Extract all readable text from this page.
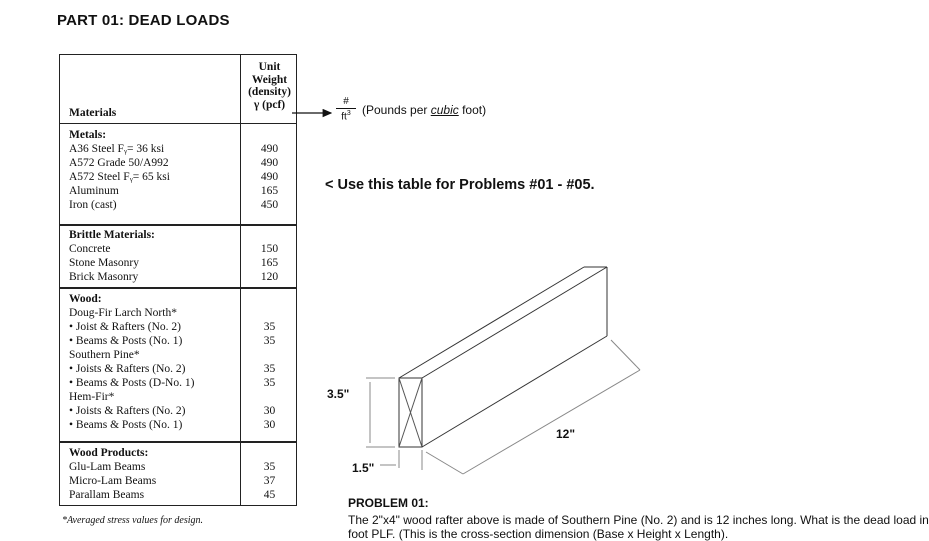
PART 01: DEAD LOADS
Materials
Unit
Weight
(density)
γ (pcf)
Metals:
A36 Steel Fᵧ= 36 ksi	490
A572 Grade 50/A992	490
A572 Steel Fᵧ= 65 ksi	490
Aluminum	165
Iron (cast)	450
Brittle Materials:
Concrete	150
Stone Masonry	165
Brick Masonry	120
Wood:
Doug-Fir Larch North*
• Joist & Rafters (No. 2)	35
• Beams & Posts (No. 1)	35
Southern Pine*
• Joists & Rafters (No. 2)	35
• Beams & Posts (D-No. 1)	35
Hem-Fir*
• Joists & Rafters (No. 2)	30
• Beams & Posts (No. 1)	30
Wood Products:
Glu-Lam Beams	35
Micro-Lam Beams	37
Parallam Beams	45
*Averaged stress values for design.
#
$ft^3$ (Pounds per cubic foot)
< Use this table for Problems #01 - #05.
3.5"
1.5"
12"
PROBLEM 01:
The 2"x4" wood rafter above is made of Southern Pine (No. 2) and is 12 inches long. What is the dead load in
foot PLF. (This is the cross-section dimension (Base x Height x Length).
